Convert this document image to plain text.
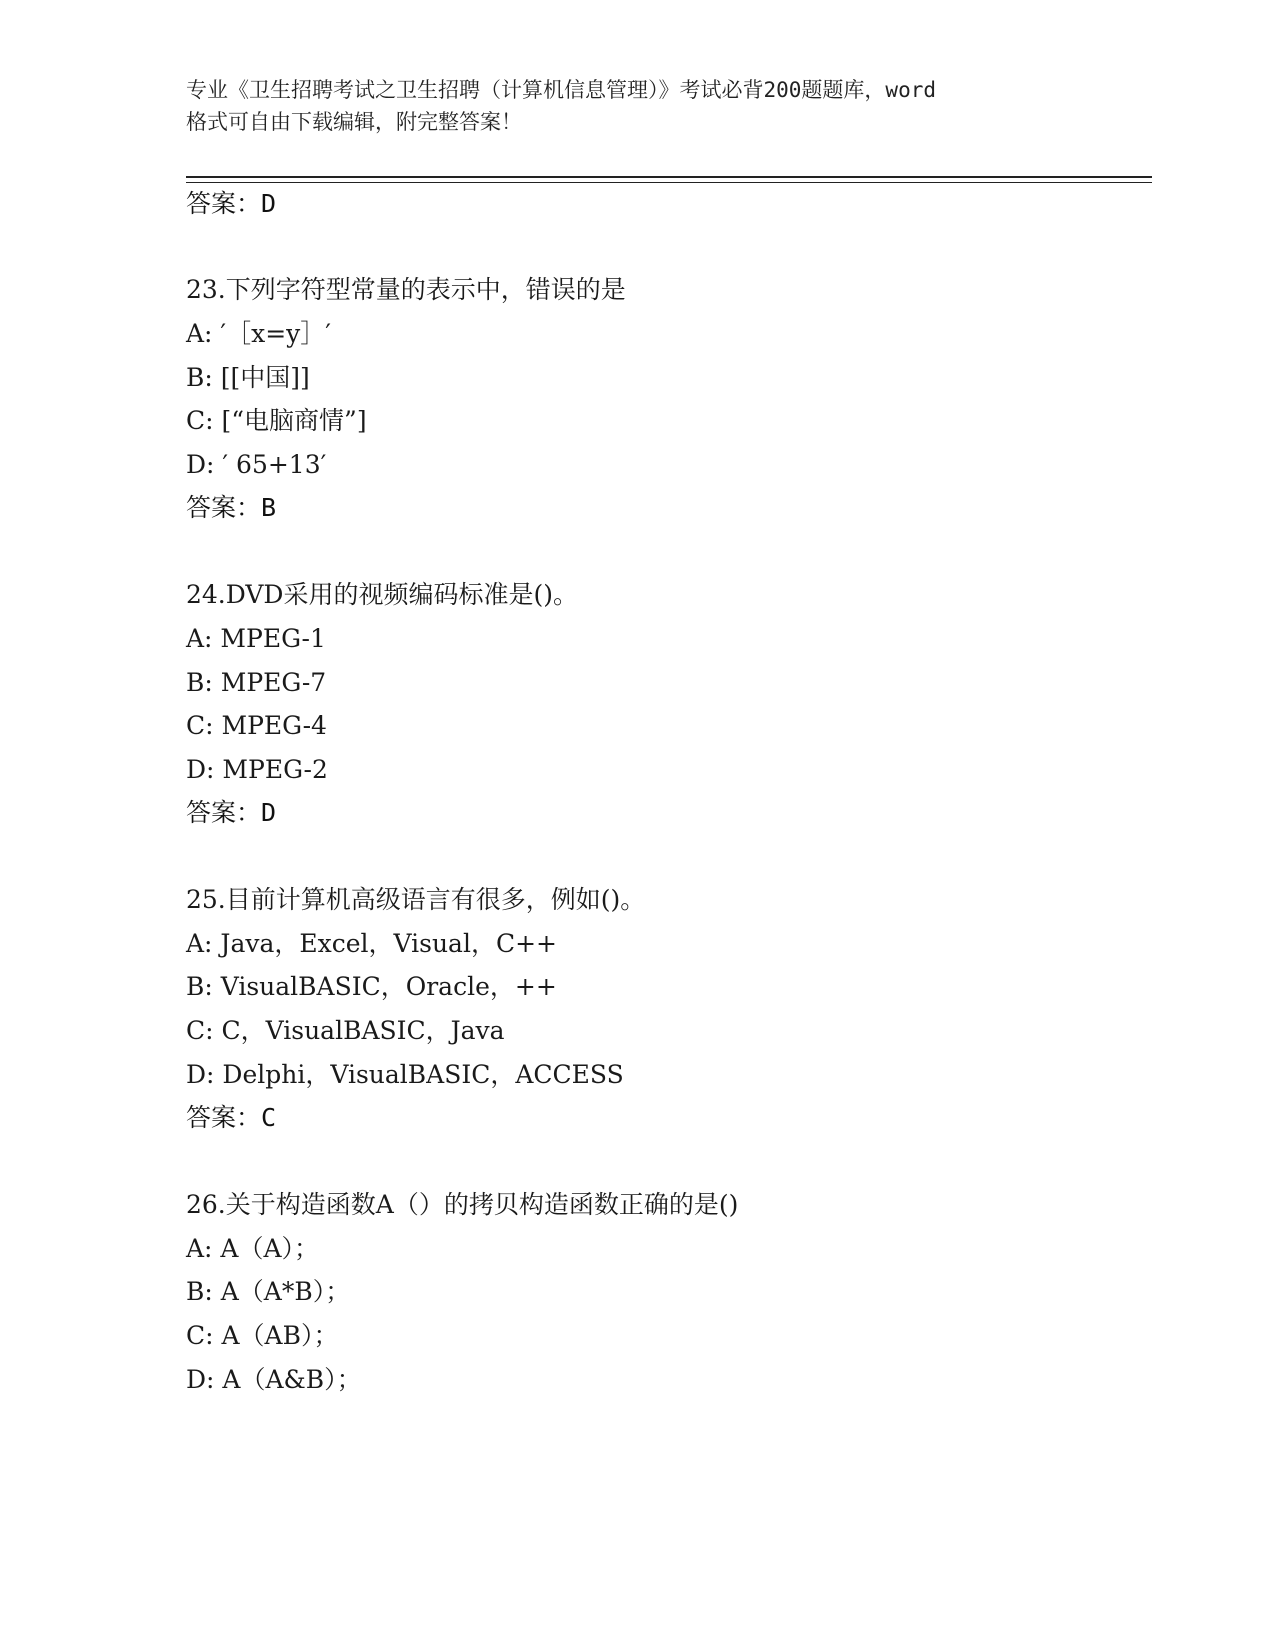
专业《卫生招聘考试之卫生招聘（计算机信息管理）》考试必背200题题库，word
格式可自由下载编辑，附完整答案！
答案：D
23.下列字符型常量的表示中，错误的是
A: ′［x=y］′
B: [[中国]]
C: [“电脑商情”]
D: ′ 65+13′
答案：B
24.DVD采用的视频编码标准是()。
A: MPEG-1
B: MPEG-7
C: MPEG-4
D: MPEG-2
答案：D
25.目前计算机高级语言有很多，例如()。
A: Java，Excel，Visual，C++
B: VisualBASIC，Oracle，++
C: C，VisualBASIC，Java
D: Delphi，VisualBASIC，ACCESS
答案：C
26.关于构造函数A（）的拷贝构造函数正确的是()
A: A（A）；
B: A（A*B）；
C: A（AB）；
D: A（A&B）；
